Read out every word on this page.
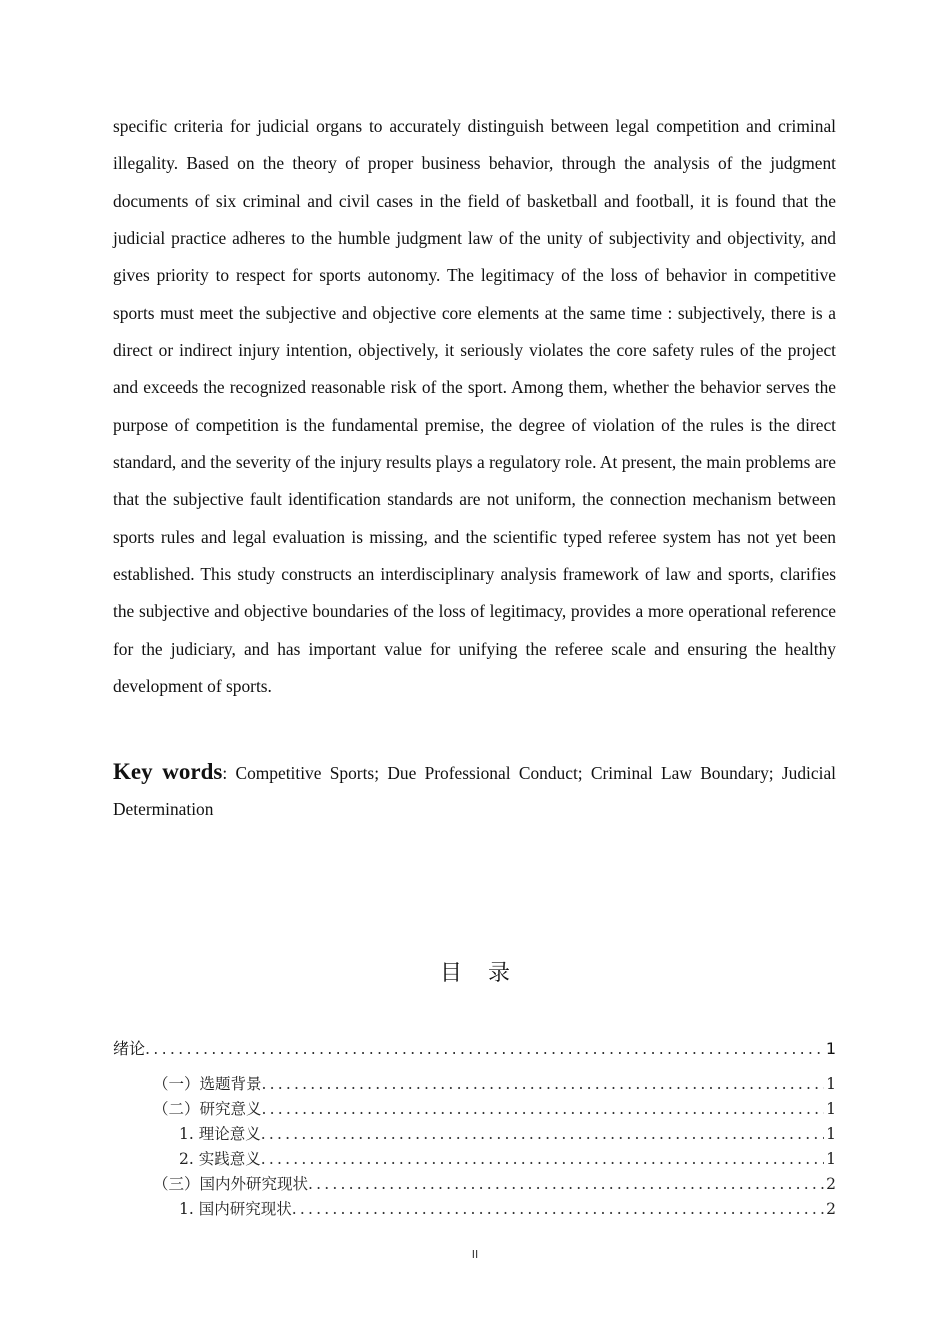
specific criteria for judicial organs to accurately distinguish between legal competition and criminal illegality. Based on the theory of proper business behavior, through the analysis of the judgment documents of six criminal and civil cases in the field of basketball and football, it is found that the judicial practice adheres to the humble judgment law of the unity of subjectivity and objectivity, and gives priority to respect for sports autonomy. The legitimacy of the loss of behavior in competitive sports must meet the subjective and objective core elements at the same time : subjectively, there is a direct or indirect injury intention, objectively, it seriously violates the core safety rules of the project and exceeds the recognized reasonable risk of the sport. Among them, whether the behavior serves the purpose of competition is the fundamental premise, the degree of violation of the rules is the direct standard, and the severity of the injury results plays a regulatory role. At present, the main problems are that the subjective fault identification standards are not uniform, the connection mechanism between sports rules and legal evaluation is missing, and the scientific typed referee system has not yet been established. This study constructs an interdisciplinary analysis framework of law and sports, clarifies the subjective and objective boundaries of the loss of legitimacy, provides a more operational reference for the judiciary, and has important value for unifying the referee scale and ensuring the healthy development of sports.

Key words: Competitive Sports; Due Professional Conduct; Criminal Law Boundary; Judicial Determination

目 录
绪论 .....	1
（一）选题背景 .....	1
（二）研究意义 .....	1
1. 理论意义 .....	1
2. 实践意义 .....	1
（三）国内外研究现状 .....	2
1. 国内研究现状 .....	2
II
